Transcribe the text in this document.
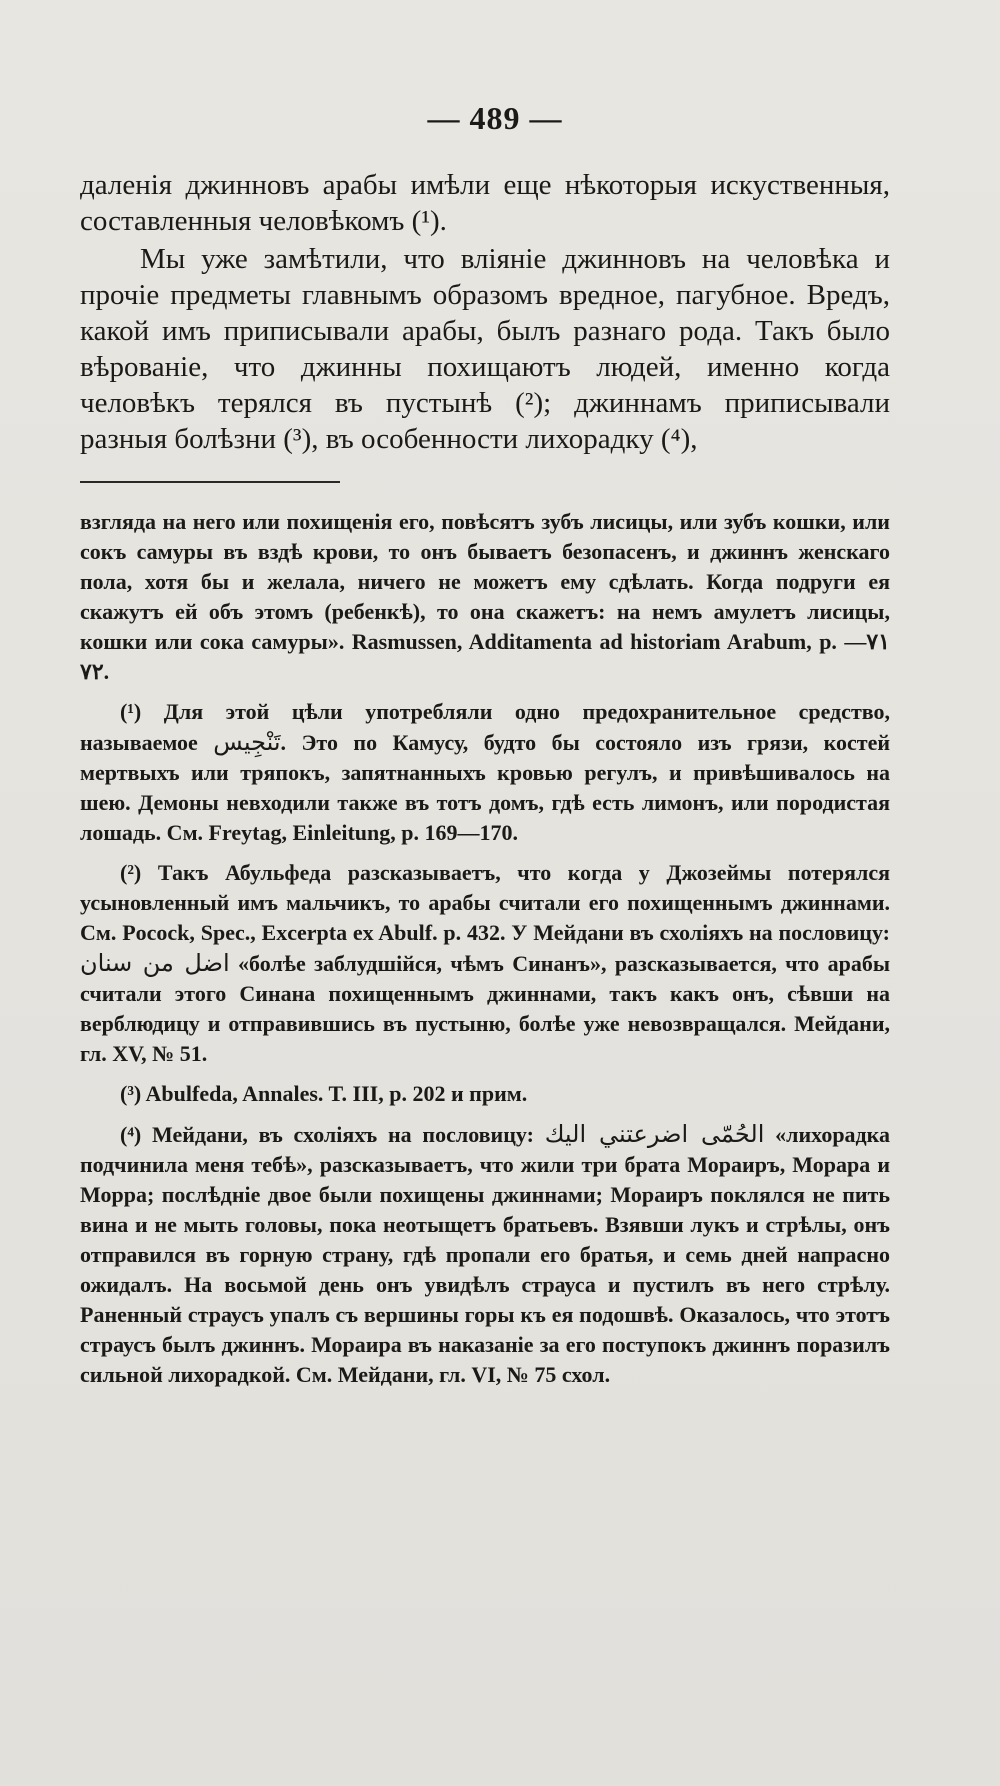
— 489 —

даленія джинновъ арабы имѣли еще нѣкоторыя искуственныя, составленныя человѣкомъ (¹).

Мы уже замѣтили, что вліяніе джинновъ на человѣка и прочіе предметы главнымъ образомъ вредное, пагубное. Вредъ, какой имъ приписывали арабы, былъ разнаго рода. Такъ было вѣрованіе, что джинны похищаютъ людей, именно когда человѣкъ терялся въ пустынѣ (²); джиннамъ приписывали разныя болѣзни (³), въ особенности лихорадку (⁴),

взгляда на него или похищенія его, повѣсятъ зубъ лисицы, или зубъ кошки, или сокъ самуры въ вздѣ крови, то онъ бываетъ безопасенъ, и джиннъ женскаго пола, хотя бы и желала, ничего не можетъ ему сдѣлать. Когда подруги ея скажутъ ей объ этомъ (ребенкѣ), то она скажетъ: на немъ амулетъ лисицы, кошки или сока самуры». Rasmussen, Additamenta ad historiam Arabum, p. ٧١—٧٢.

(¹) Для этой цѣли употребляли одно предохранительное средство, называемое تَنْجِيس. Это по Камусу, будто бы состояло изъ грязи, костей мертвыхъ или тряпокъ, запятнанныхъ кровью регулъ, и привѣшивалось на шею. Демоны невходили также въ тотъ домъ, гдѣ есть лимонъ, или породистая лошадь. См. Freytag, Einleitung, p. 169—170.

(²) Такъ Абульфеда разсказываетъ, что когда у Джозеймы потерялся усыновленный имъ мальчикъ, то арабы считали его похищеннымъ джиннами. См. Pocock, Spec., Excerpta ex Abulf. p. 432. У Мейдани въ схоліяхъ на пословицу: اضل من سنان «болѣе заблудшійся, чѣмъ Синанъ», разсказывается, что арабы считали этого Синана похищеннымъ джиннами, такъ какъ онъ, сѣвши на верблюдицу и отправившись въ пустыню, болѣе уже невозвращался. Мейдани, гл. XV, № 51.

(³) Abulfeda, Annales. T. III, p. 202 и прим.

(⁴) Мейдани, въ схоліяхъ на пословицу: الحُمّى اضرعتني اليك «лихорадка подчинила меня тебѣ», разсказываетъ, что жили три брата Мораиръ, Морара и Морра; послѣдніе двое были похищены джиннами; Мораиръ поклялся не пить вина и не мыть головы, пока неотыщетъ братьевъ. Взявши лукъ и стрѣлы, онъ отправился въ горную страну, гдѣ пропали его братья, и семь дней напрасно ожидалъ. На восьмой день онъ увидѣлъ страуса и пустилъ въ него стрѣлу. Раненный страусъ упалъ съ вершины горы къ ея подошвѣ. Оказалось, что этотъ страусъ былъ джиннъ. Мораира въ наказаніе за его поступокъ джиннъ поразилъ сильной лихорадкой. См. Мейдани, гл. VI, № 75 схол.
